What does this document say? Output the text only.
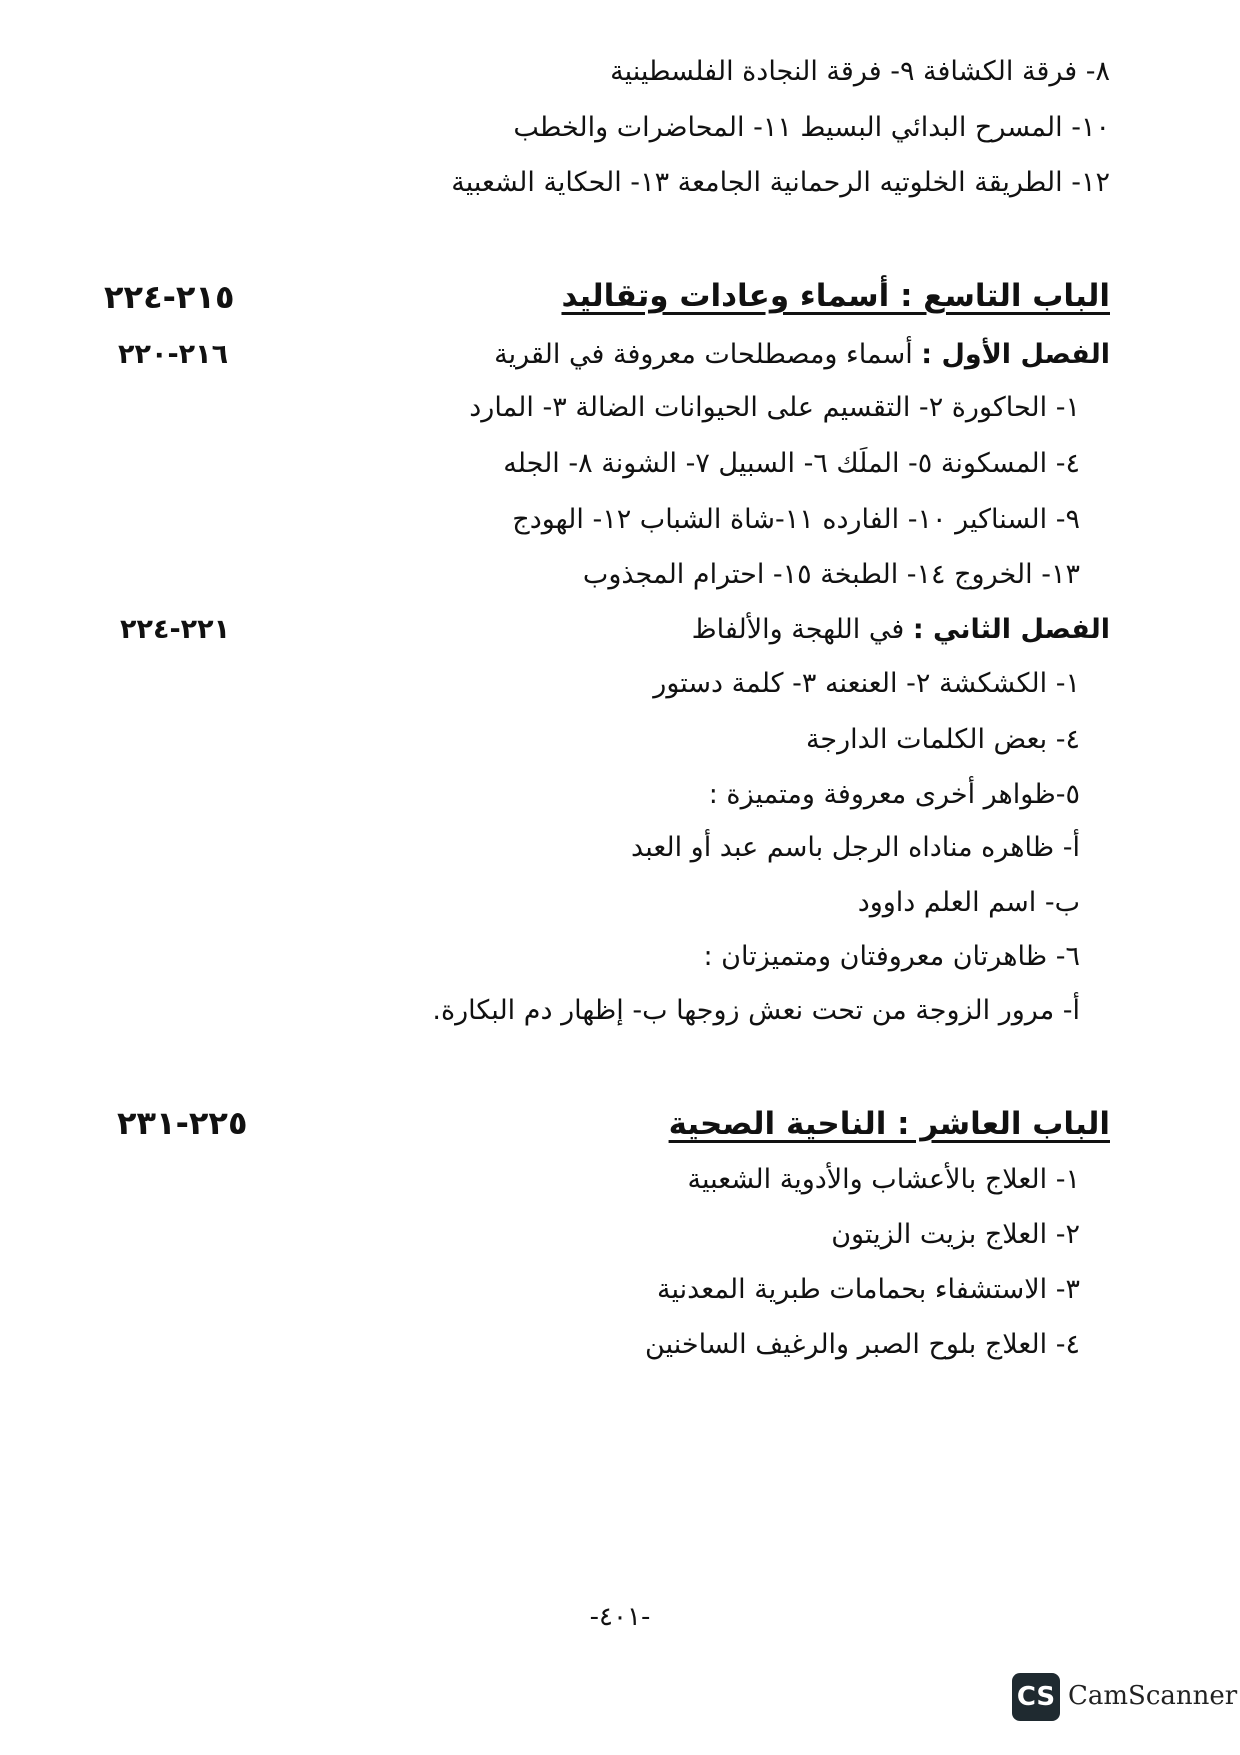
٨- فرقة الكشافة ٩- فرقة النجادة الفلسطينية
١٠- المسرح البدائي البسيط ١١- المحاضرات والخطب
١٢- الطريقة الخلوتيه الرحمانية الجامعة ١٣- الحكاية الشعبية
الباب التاسع : أسماء وعادات وتقاليد
٢١٥-٢٢٤
الفصل الأول : أسماء ومصطلحات معروفة في القرية
٢١٦-٢٢٠
١- الحاكورة ٢- التقسيم على الحيوانات الضالة ٣- المارد
٤- المسكونة ٥- الملَك ٦- السبيل ٧- الشونة ٨- الجله
٩- السناكير ١٠- الفارده ١١-شاة الشباب ١٢- الهودج
١٣- الخروج ١٤- الطبخة ١٥- احترام المجذوب
الفصل الثاني : في اللهجة والألفاظ
٢٢١-٢٢٤
١- الكشكشة ٢- العنعنه ٣- كلمة دستور
٤- بعض الكلمات الدارجة
٥-ظواهر أخرى معروفة ومتميزة :
أ- ظاهره مناداه الرجل باسم عبد أو العبد
ب- اسم العلم داوود
٦- ظاهرتان معروفتان ومتميزتان :
أ- مرور الزوجة من تحت نعش زوجها ب- إظهار دم البكارة.
الباب العاشر : الناحية الصحية
٢٢٥-٢٣١
١- العلاج بالأعشاب والأدوية الشعبية
٢- العلاج بزيت الزيتون
٣- الاستشفاء بحمامات طبرية المعدنية
٤- العلاج بلوح الصبر والرغيف الساخنين
-٤٠١-
CS CamScanner
